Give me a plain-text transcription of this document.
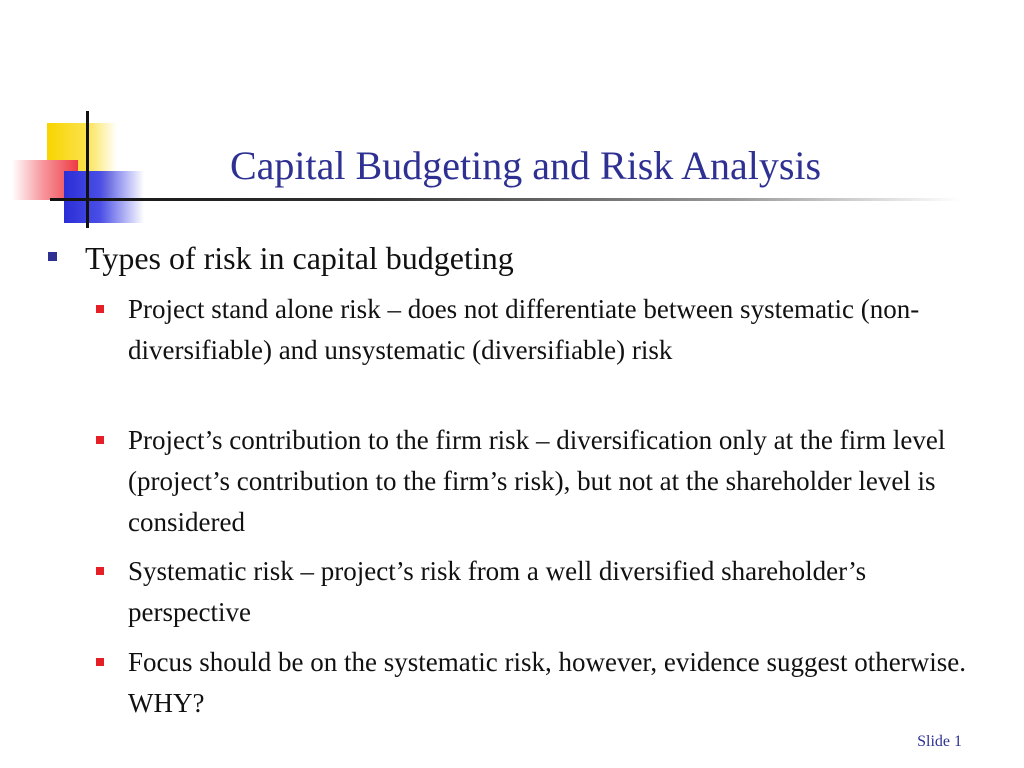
Capital Budgeting and Risk Analysis
Types of risk in capital budgeting
Project stand alone risk – does not differentiate between systematic (non-diversifiable) and unsystematic (diversifiable) risk
Project’s contribution to the firm risk – diversification only at the firm level (project’s contribution to the firm’s risk), but not at the shareholder level is considered
Systematic risk – project’s risk from a well diversified shareholder’s perspective
Focus should be on the systematic risk, however, evidence suggest otherwise. WHY?
Slide 1
